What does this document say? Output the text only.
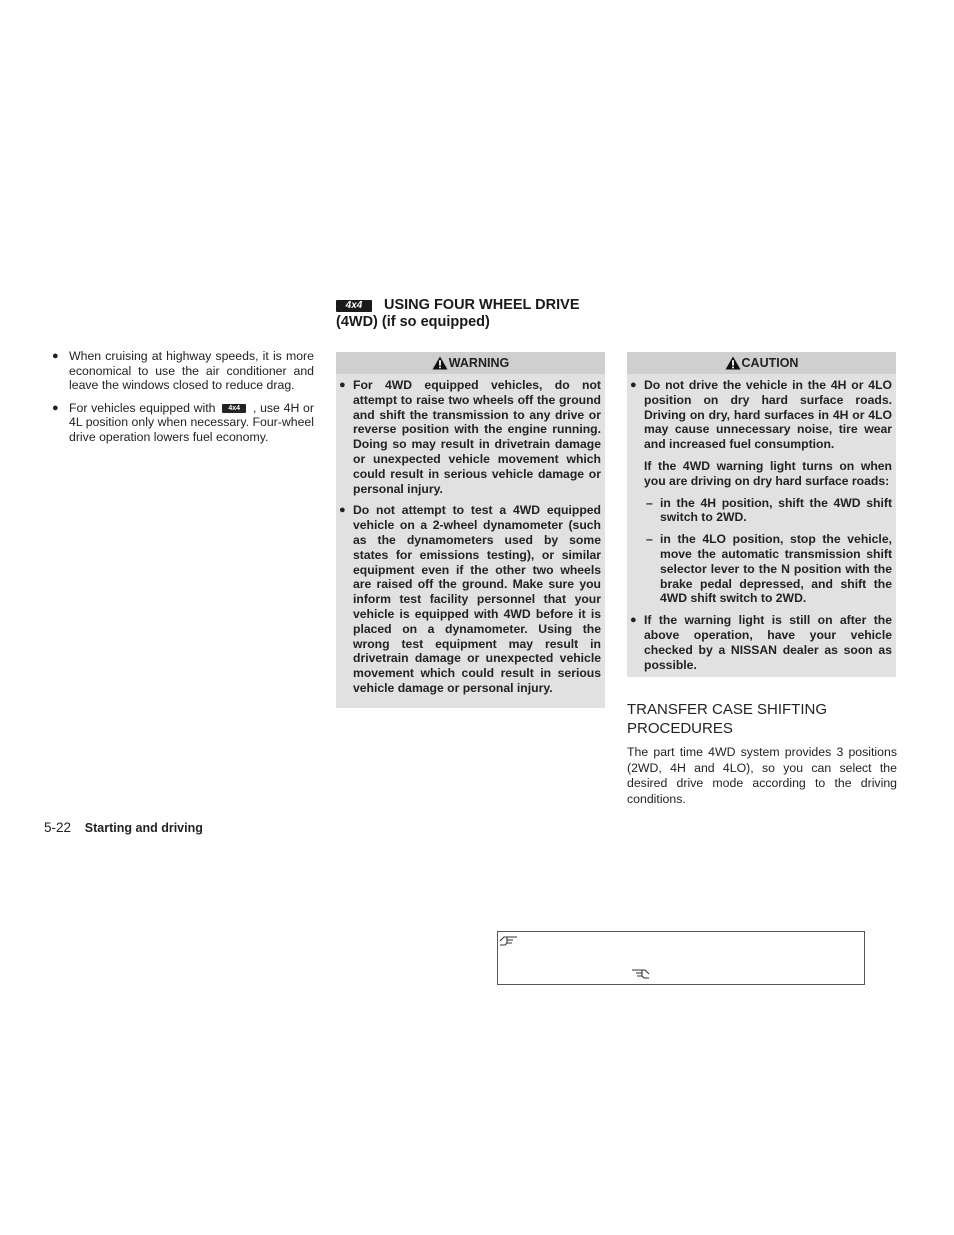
● When cruising at highway speeds, it is more economical to use the air conditioner and leave the windows closed to reduce drag.
● For vehicles equipped with 4x4 , use 4H or 4L position only when necessary. Four-wheel drive operation lowers fuel economy.
4x4 USING FOUR WHEEL DRIVE
(4WD) (if so equipped)
WARNING
● For 4WD equipped vehicles, do not attempt to raise two wheels off the ground and shift the transmission to any drive or reverse position with the engine running. Doing so may result in drivetrain damage or unexpected vehicle movement which could result in serious vehicle damage or personal injury.
● Do not attempt to test a 4WD equipped vehicle on a 2-wheel dynamometer (such as the dynamometers used by some states for emissions testing), or similar equipment even if the other two wheels are raised off the ground. Make sure you inform test facility personnel that your vehicle is equipped with 4WD before it is placed on a dynamometer. Using the wrong test equipment may result in drivetrain damage or unexpected vehicle movement which could result in serious vehicle damage or personal injury.
CAUTION
● Do not drive the vehicle in the 4H or 4LO position on dry hard surface roads. Driving on dry, hard surfaces in 4H or 4LO may cause unnecessary noise, tire wear and increased fuel consumption.
If the 4WD warning light turns on when you are driving on dry hard surface roads:
– in the 4H position, shift the 4WD shift switch to 2WD.
– in the 4LO position, stop the vehicle, move the automatic transmission shift selector lever to the N position with the brake pedal depressed, and shift the 4WD shift switch to 2WD.
● If the warning light is still on after the above operation, have your vehicle checked by a NISSAN dealer as soon as possible.
TRANSFER CASE SHIFTING
PROCEDURES
The part time 4WD system provides 3 positions (2WD, 4H and 4LO), so you can select the desired drive mode according to the driving conditions.
5-22 Starting and driving
